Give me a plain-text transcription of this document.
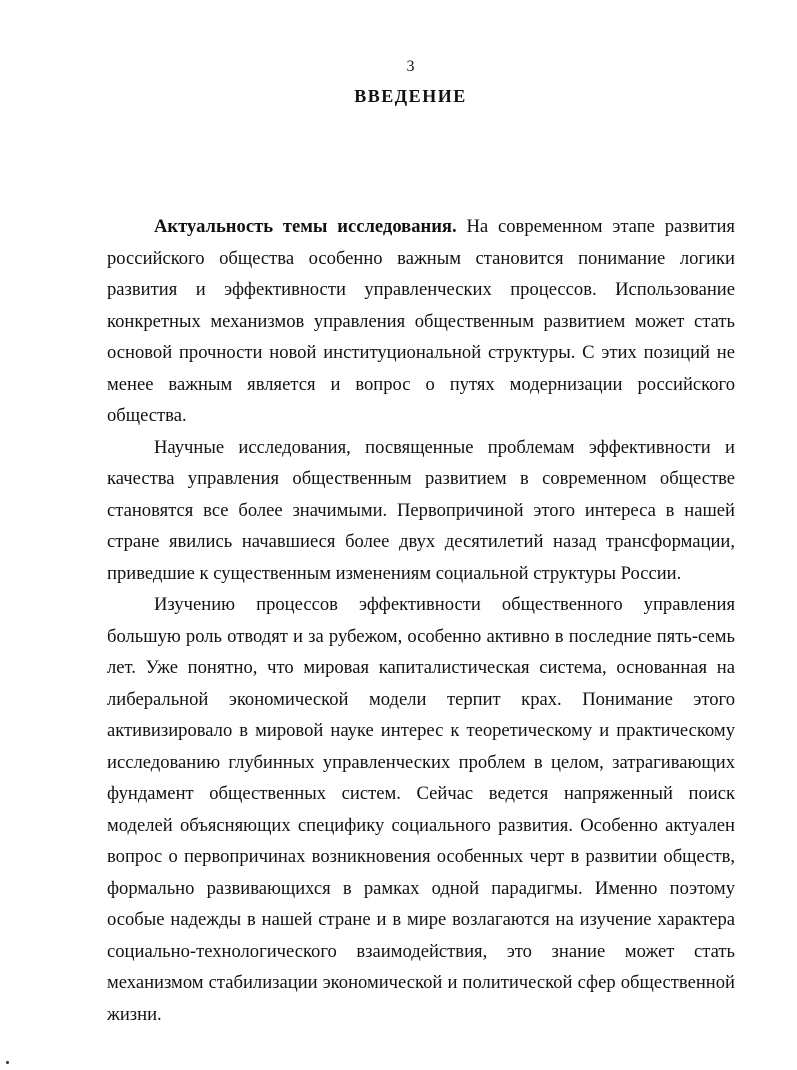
3
ВВЕДЕНИЕ

Актуальность темы исследования. На современном этапе развития российского общества особенно важным становится понимание логики развития и эффективности управленческих процессов. Использование конкретных механизмов управления общественным развитием может стать основой прочности новой институциональной структуры. С этих позиций не менее важным является и вопрос о путях модернизации российского общества.

Научные исследования, посвященные проблемам эффективности и качества управления общественным развитием в современном обществе становятся все более значимыми. Первопричиной этого интереса в нашей стране явились начавшиеся более двух десятилетий назад трансформации, приведшие к существенным изменениям социальной структуры России.

Изучению процессов эффективности общественного управления большую роль отводят и за рубежом, особенно активно в последние пять-семь лет. Уже понятно, что мировая капиталистическая система, основанная на либеральной экономической модели терпит крах. Понимание этого активизировало в мировой науке интерес к теоретическому и практическому исследованию глубинных управленческих проблем в целом, затрагивающих фундамент общественных систем. Сейчас ведется напряженный поиск моделей объясняющих специфику социального развития. Особенно актуален вопрос о первопричинах возникновения особенных черт в развитии обществ, формально развивающихся в рамках одной парадигмы. Именно поэтому особые надежды в нашей стране и в мире возлагаются на изучение характера социально-технологического взаимодействия, это знание может стать механизмом стабилизации экономической и политической сфер общественной жизни.
